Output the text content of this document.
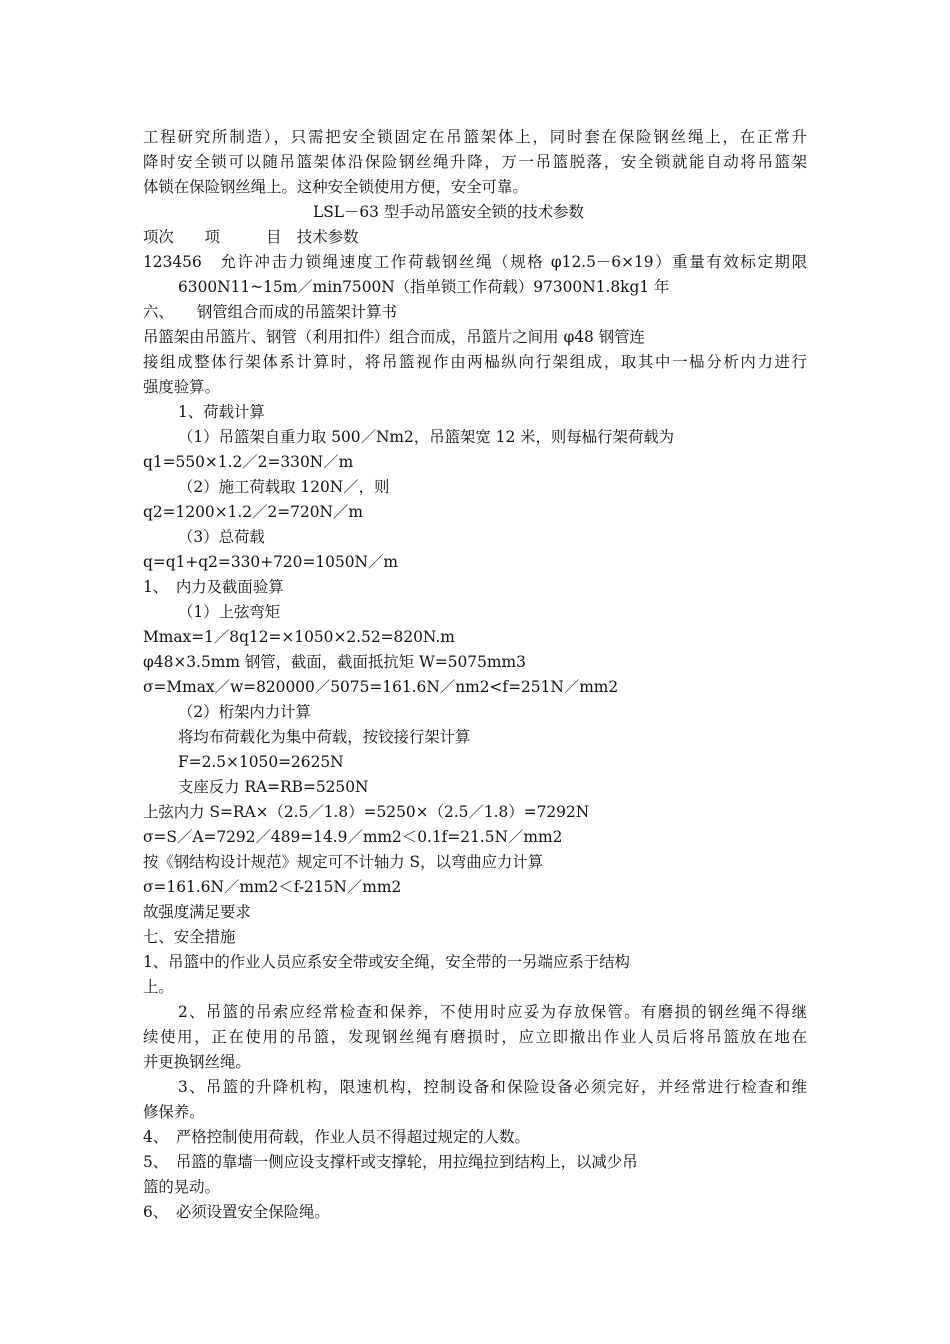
工程研究所制造），只需把安全锁固定在吊篮架体上，同时套在保险钢丝绳上，在正常升
降时安全锁可以随吊篮架体沿保险钢丝绳升降，万一吊篮脱落，安全锁就能自动将吊篮架
体锁在保险钢丝绳上。这种安全锁使用方便，安全可靠。
LSL－63 型手动吊篮安全锁的技术参数
项次　　项　　　目　技术参数
123456　允许冲击力锁绳速度工作荷载钢丝绳（规格 φ12.5－6×19）重量有效标定期限
6300N11~15m／min7500N（指单锁工作荷载）97300N1.8kg1 年
六、　　钢管组合而成的吊篮架计算书
吊篮架由吊篮片、钢管（利用扣件）组合而成，吊篮片之间用 φ48 钢管连
接组成整体行架体系计算时，将吊篮视作由两榀纵向行架组成，取其中一榀分析内力进行
强度验算。
1、荷载计算
（1）吊篮架自重力取 500／Nm2，吊篮架宽 12 米，则每榀行架荷载为
q1=550×1.2／2=330N／m
（2）施工荷载取 120N／，则
q2=1200×1.2／2=720N／m
（3）总荷载
q=q1+q2=330+720=1050N／m
1、　内力及截面验算
（1）上弦弯矩
Mmax=1／8q12=×1050×2.52=820N.m
φ48×3.5mm 钢管，截面，截面抵抗矩 W=5075mm3
σ=Mmax／w=820000／5075=161.6N／nm2<f=251N／mm2
（2）桁架内力计算
将均布荷载化为集中荷载，按铰接行架计算
F=2.5×1050=2625N
支座反力 RA=RB=5250N
上弦内力 S=RA×（2.5／1.8）=5250×（2.5／1.8）=7292N
σ=S／A=7292／489=14.9／mm2＜0.1f=21.5N／mm2
按《钢结构设计规范》规定可不计轴力 S，以弯曲应力计算
σ=161.6N／mm2＜f-215N／mm2
故强度满足要求
七、安全措施
1、吊篮中的作业人员应系安全带或安全绳，安全带的一另端应系于结构
上。
2、吊篮的吊索应经常检查和保养，不使用时应妥为存放保管。有磨损的钢丝绳不得继
续使用，正在使用的吊篮，发现钢丝绳有磨损时，应立即撤出作业人员后将吊篮放在地在
并更换钢丝绳。
3、吊篮的升降机构，限速机构，控制设备和保险设备必须完好，并经常进行检查和维
修保养。
4、　严格控制使用荷载，作业人员不得超过规定的人数。
5、　吊篮的靠墙一侧应设支撑杆或支撑轮，用拉绳拉到结构上，以减少吊
篮的晃动。
6、　必须设置安全保险绳。
